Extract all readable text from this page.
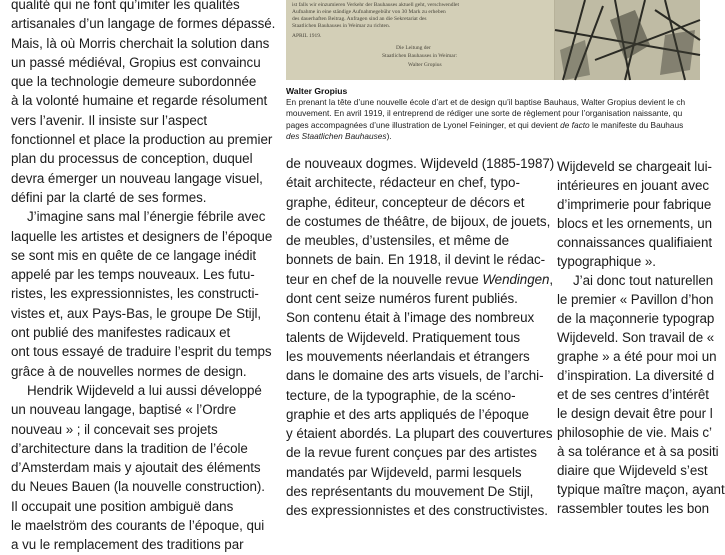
qualité qui ne font qu’imiter les qualités
artisanales d’un langage de formes dépassé.
Mais, là où Morris cherchait la solution dans
un passé médiéval, Gropius est convaincu
que la technologie demeure subordonnée
à la volonté humaine et regarde résolument
vers l’avenir. Il insiste sur l’aspect
fonctionnel et place la production au premier
plan du processus de conception, duquel
devra émerger un nouveau langage visuel,
défini par la clarté de ses formes.

J’imagine sans mal l’énergie fébrile avec
laquelle les artistes et designers de l’époque
se sont mis en quête de ce langage inédit
appelé par les temps nouveaux. Les futu-
ristes, les expressionnistes, les constructi-
vistes et, aux Pays-Bas, le groupe De Stijl,
ont publié des manifestes radicaux et
ont tous essayé de traduire l’esprit du temps
grâce à de nouvelles normes de design.

Hendrik Wijdeveld a lui aussi développé
un nouveau langage, baptisé « l’Ordre
nouveau » ; il concevait ses projets
d’architecture dans la tradition de l’école
d’Amsterdam mais y ajoutait des éléments
du Neues Bauen (la nouvelle construction).
Il occupait une position ambiguë dans
le maelström des courants de l’époque, qui
a vu le remplacement des traditions par

ist falls wir einzumieren Verkehr der Bauhauses aktuell geht, verschwendlet
Aufnahme in eine ständige Aufnahmegebühr von 30 Mark zu erheben
des dauerhaften Beitrag. Anfragen sind an die Sekretariat des
Staatlichen Bauhauses in Weimar zu richten.
APRIL 1919.
Die Leitung der
Staatlichen Bauhauses in Weimar:
Walter Gropius
Walter Gropius
En prenant la tête d’une nouvelle école d’art et de design qu’il baptise Bauhaus, Walter Gropius devient le ch
mouvement. En avril 1919, il entreprend de rédiger une sorte de règlement pour l’organisation naissante, qu
pages accompagnées d’une illustration de Lyonel Feininger, et qui devient de facto le manifeste du Bauhaus
des Staatlichen Bauhauses).
de nouveaux dogmes. Wijdeveld (1885-1987)
était architecte, rédacteur en chef, typo-
graphe, éditeur, concepteur de décors et
de costumes de théâtre, de bijoux, de jouets,
de meubles, d’ustensiles, et même de
bonnets de bain. En 1918, il devint le rédac-
teur en chef de la nouvelle revue Wendingen,
dont cent seize numéros furent publiés.
Son contenu était à l’image des nombreux
talents de Wijdeveld. Pratiquement tous
les mouvements néerlandais et étrangers
dans le domaine des arts visuels, de l’archi-
tecture, de la typographie, de la scénο-
graphie et des arts appliqués de l’époque
y étaient abordés. La plupart des couvertures
de la revue furent conçues par des artistes
mandatés par Wijdeveld, parmi lesquels
des représentants du mouvement De Stijl,
des expressionnistes et des constructivistes.
Wijdeveld se chargeait lui-
intérieures en jouant avec
d’imprimerie pour fabrique
blocs et les ornements, un
connaissances qualifiaient
typographique ».
J’ai donc tout naturellen
le premier « Pavillon d’hon
de la maçonnerie typograp
Wijdeveld. Son travail de «
graphe » a été pour moi un
d’inspiration. La diversité d
et de ses centres d’intérêt
le design devait être pour l
philosophie de vie. Mais c’
à sa tolérance et à sa positi
diaire que Wijdeveld s’est
typique maître maçon, ayant
rassembler toutes les bon
